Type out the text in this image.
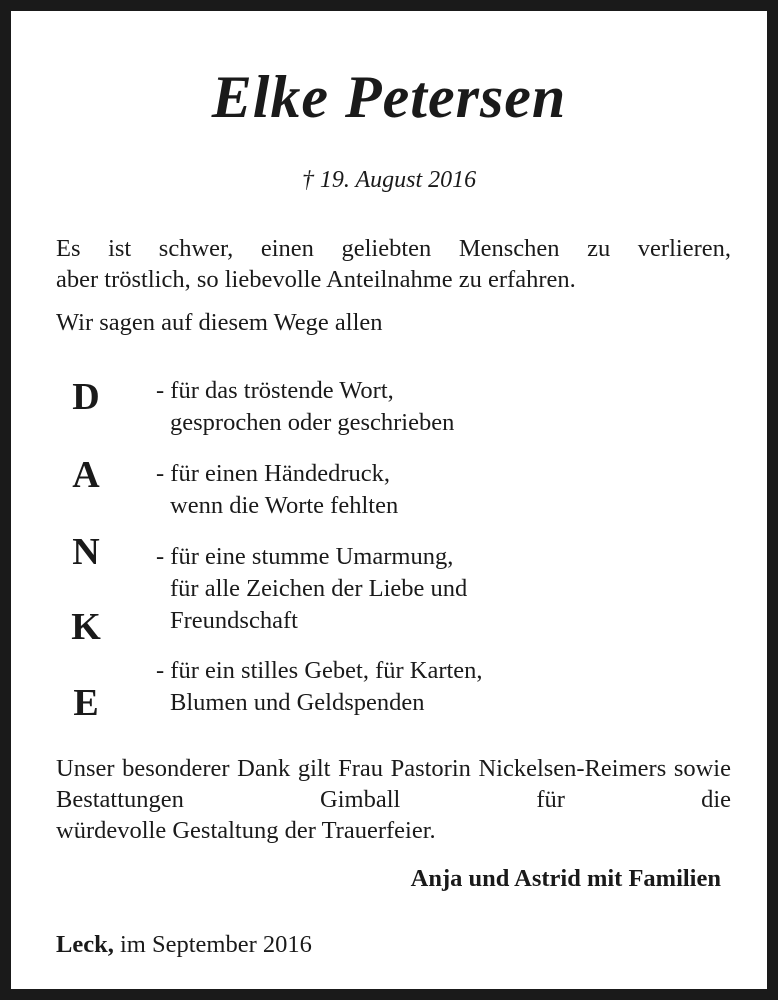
Elke Petersen
† 19. August 2016
Es ist schwer, einen geliebten Menschen zu verlieren,
aber tröstlich, so liebevolle Anteilnahme zu erfahren.
Wir sagen auf diesem Wege allen
D
A
N
K
E
- für das tröstende Wort,
gesprochen oder geschrieben
- für einen Händedruck,
wenn die Worte fehlten
- für eine stumme Umarmung,
für alle Zeichen der Liebe und
Freundschaft
- für ein stilles Gebet, für Karten,
Blumen und Geldspenden
Unser besonderer Dank gilt Frau Pastorin Nickelsen-Reimers sowie Bestattungen Gimball für die
würdevolle Gestaltung der Trauerfeier.
Anja und Astrid mit Familien
Leck, im September 2016
